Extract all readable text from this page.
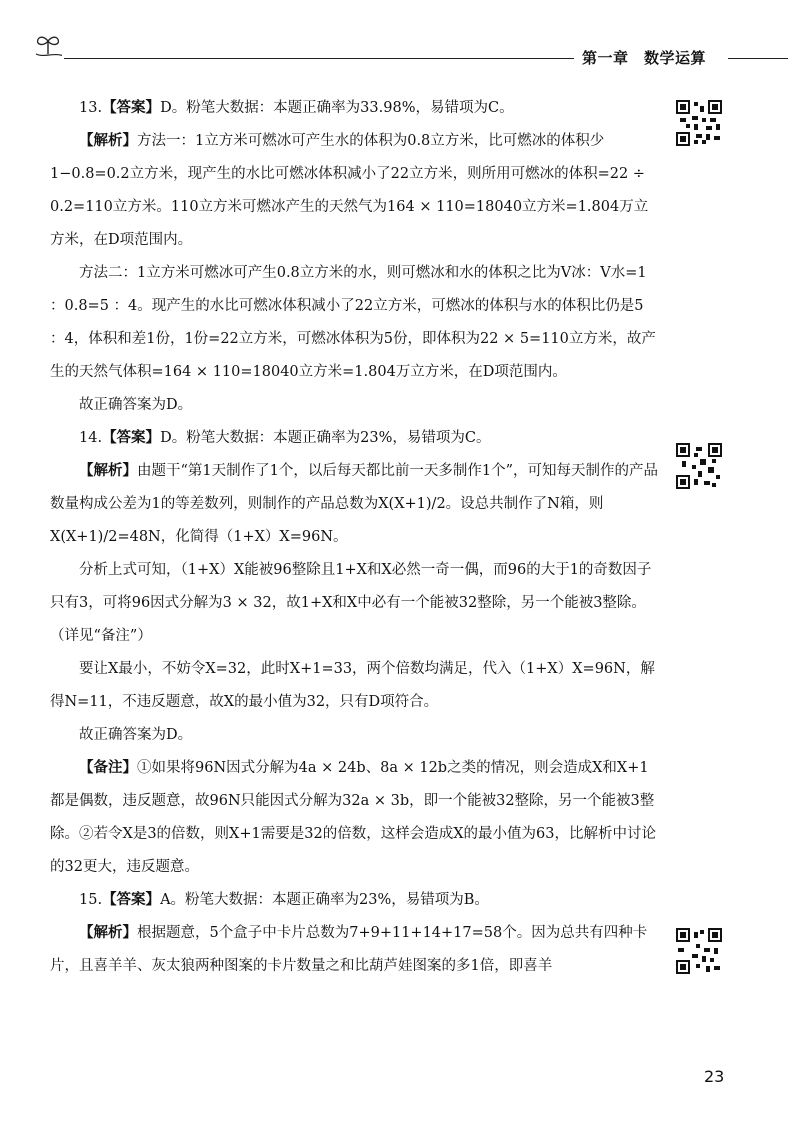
第一章　数学运算

13.【答案】D。粉笔大数据：本题正确率为33.98%，易错项为C。

【解析】方法一：1立方米可燃冰可产生水的体积为0.8立方米，比可燃冰的体积少1−0.8=0.2立方米，现产生的水比可燃冰体积减小了22立方米，则所用可燃冰的体积=22 ÷ 0.2=110立方米。110立方米可燃冰产生的天然气为164 × 110=18040立方米=1.804万立方米，在D项范围内。

方法二：1立方米可燃冰可产生0.8立方米的水，则可燃冰和水的体积之比为V冰：V水=1 ：0.8=5 ：4。现产生的水比可燃冰体积减小了22立方米，可燃冰的体积与水的体积比仍是5 ：4，体积和差1份，1份=22立方米，可燃冰体积为5份，即体积为22 × 5=110立方米，故产生的天然气体积=164 × 110=18040立方米=1.804万立方米，在D项范围内。

故正确答案为D。

14.【答案】D。粉笔大数据：本题正确率为23%，易错项为C。

【解析】由题干“第1天制作了1个，以后每天都比前一天多制作1个”，可知每天制作的产品数量构成公差为1的等差数列，则制作的产品总数为X(X+1)/2。设总共制作了N箱，则X(X+1)/2=48N，化简得（1+X）X=96N。

分析上式可知，（1+X）X能被96整除且1+X和X必然一奇一偶，而96的大于1的奇数因子只有3，可将96因式分解为3 × 32，故1+X和X中必有一个能被32整除，另一个能被3整除。（详见“备注”）

要让X最小，不妨令X=32，此时X+1=33，两个倍数均满足，代入（1+X）X=96N，解得N=11，不违反题意，故X的最小值为32，只有D项符合。

故正确答案为D。

【备注】①如果将96N因式分解为4a × 24b、8a × 12b之类的情况，则会造成X和X+1都是偶数，违反题意，故96N只能因式分解为32a × 3b，即一个能被32整除，另一个能被3整除。②若令X是3的倍数，则X+1需要是32的倍数，这样会造成X的最小值为63，比解析中讨论的32更大，违反题意。

15.【答案】A。粉笔大数据：本题正确率为23%，易错项为B。

【解析】根据题意，5个盒子中卡片总数为7+9+11+14+17=58个。因为总共有四种卡片，且喜羊羊、灰太狼两种图案的卡片数量之和比葫芦娃图案的多1倍，即喜羊

23
